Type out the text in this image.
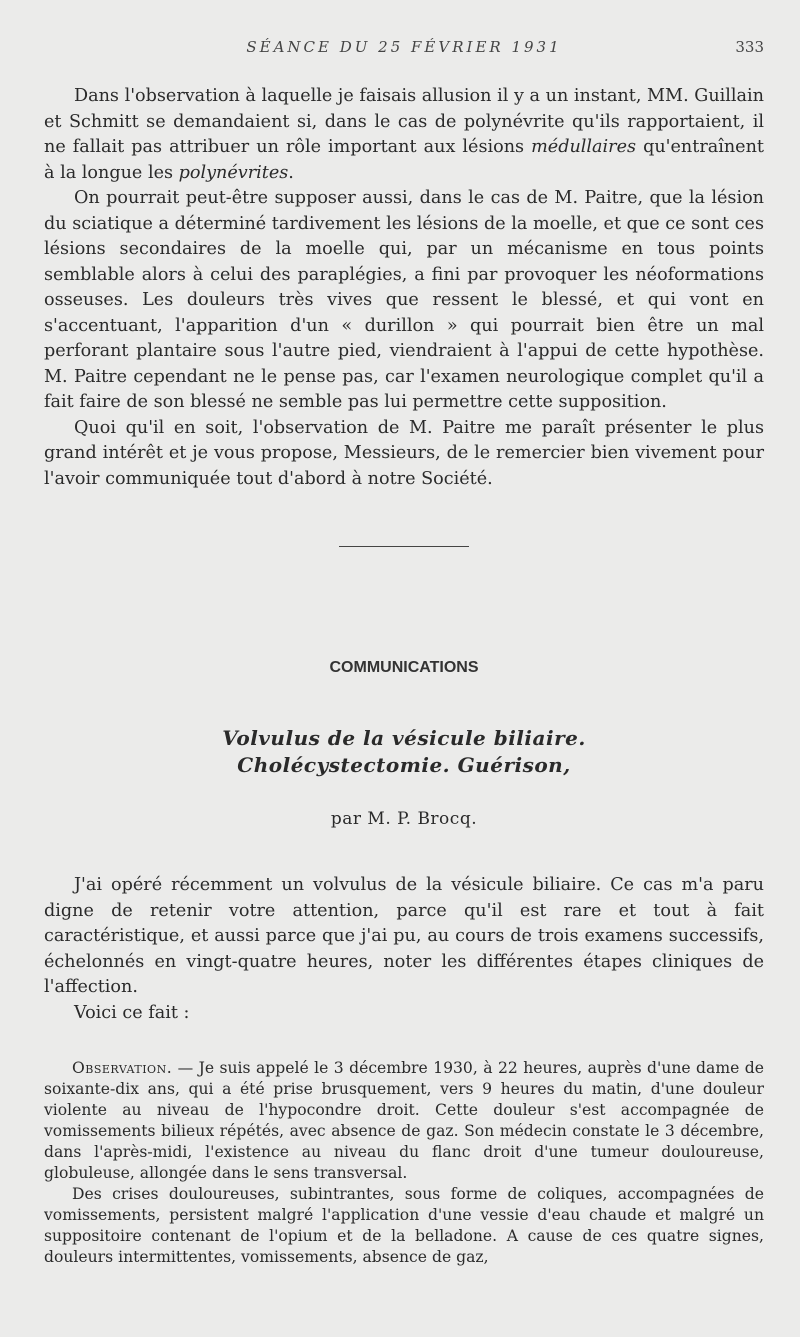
SÉANCE DU 25 FÉVRIER 1931	333

Dans l'observation à laquelle je faisais allusion il y a un instant, MM. Guillain et Schmitt se demandaient si, dans le cas de polynévrite qu'ils rapportaient, il ne fallait pas attribuer un rôle important aux lésions médullaires qu'entraînent à la longue les polynévrites.

On pourrait peut-être supposer aussi, dans le cas de M. Paitre, que la lésion du sciatique a déterminé tardivement les lésions de la moelle, et que ce sont ces lésions secondaires de la moelle qui, par un mécanisme en tous points semblable alors à celui des paraplégies, a fini par provoquer les néoformations osseuses. Les douleurs très vives que ressent le blessé, et qui vont en s'accentuant, l'apparition d'un « durillon » qui pourrait bien être un mal perforant plantaire sous l'autre pied, viendraient à l'appui de cette hypothèse. M. Paitre cependant ne le pense pas, car l'examen neurologique complet qu'il a fait faire de son blessé ne semble pas lui permettre cette supposition.

Quoi qu'il en soit, l'observation de M. Paitre me paraît présenter le plus grand intérêt et je vous propose, Messieurs, de le remercier bien vivement pour l'avoir communiquée tout d'abord à notre Société.

COMMUNICATIONS
Volvulus de la vésicule biliaire.
Cholécystectomie. Guérison,
par M. P. Brocq.

J'ai opéré récemment un volvulus de la vésicule biliaire. Ce cas m'a paru digne de retenir votre attention, parce qu'il est rare et tout à fait caractéristique, et aussi parce que j'ai pu, au cours de trois examens successifs, échelonnés en vingt-quatre heures, noter les différentes étapes cliniques de l'affection.

Voici ce fait :

Observation. — Je suis appelé le 3 décembre 1930, à 22 heures, auprès d'une dame de soixante-dix ans, qui a été prise brusquement, vers 9 heures du matin, d'une douleur violente au niveau de l'hypocondre droit. Cette douleur s'est accompagnée de vomissements bilieux répétés, avec absence de gaz. Son médecin constate le 3 décembre, dans l'après-midi, l'existence au niveau du flanc droit d'une tumeur douloureuse, globuleuse, allongée dans le sens transversal.

Des crises douloureuses, subintrantes, sous forme de coliques, accompagnées de vomissements, persistent malgré l'application d'une vessie d'eau chaude et malgré un suppositoire contenant de l'opium et de la belladone. A cause de ces quatre signes, douleurs intermittentes, vomissements, absence de gaz,
